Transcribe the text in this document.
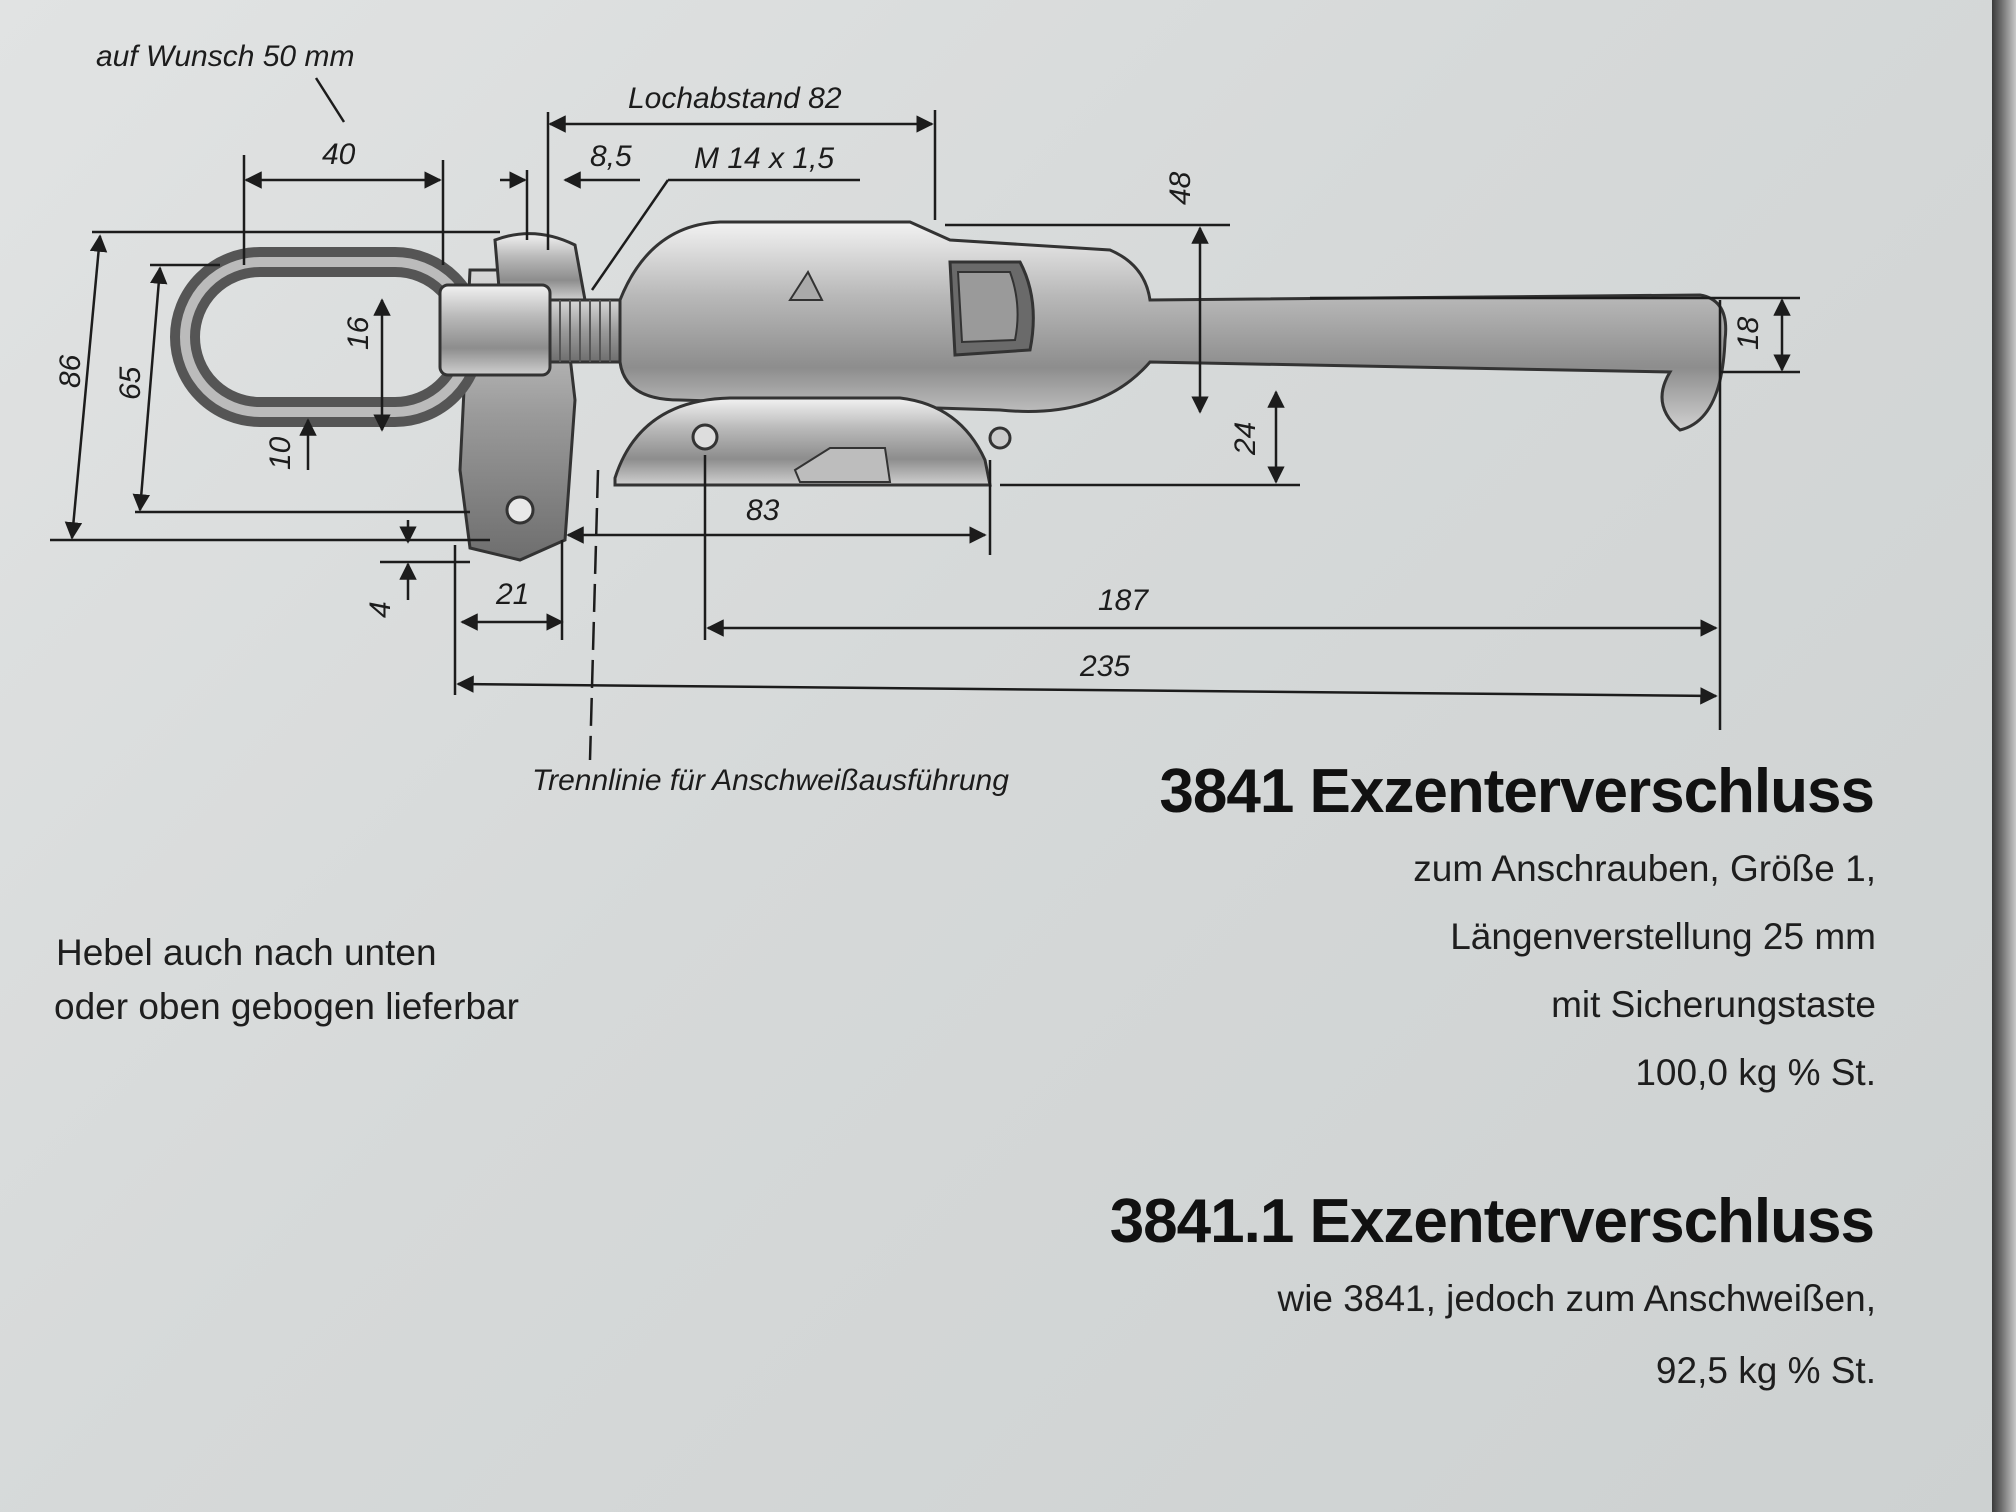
auf Wunsch 50 mm
40
Lochabstand 82
8,5 M 14 x 1,5
48
18
24
86 65
16
10
4	21
83
187
235
Trennlinie für Anschweißausführung 3841 Exzenterverschluss
zum Anschrauben, Größe 1,
Längenverstellung 25 mm
mit Sicherungstaste
100,0 kg % St.
3841.1 Exzenterverschluss
wie 3841, jedoch zum Anschweißen,
92,5 kg % St.
Hebel auch nach unten
oder oben gebogen lieferbar
